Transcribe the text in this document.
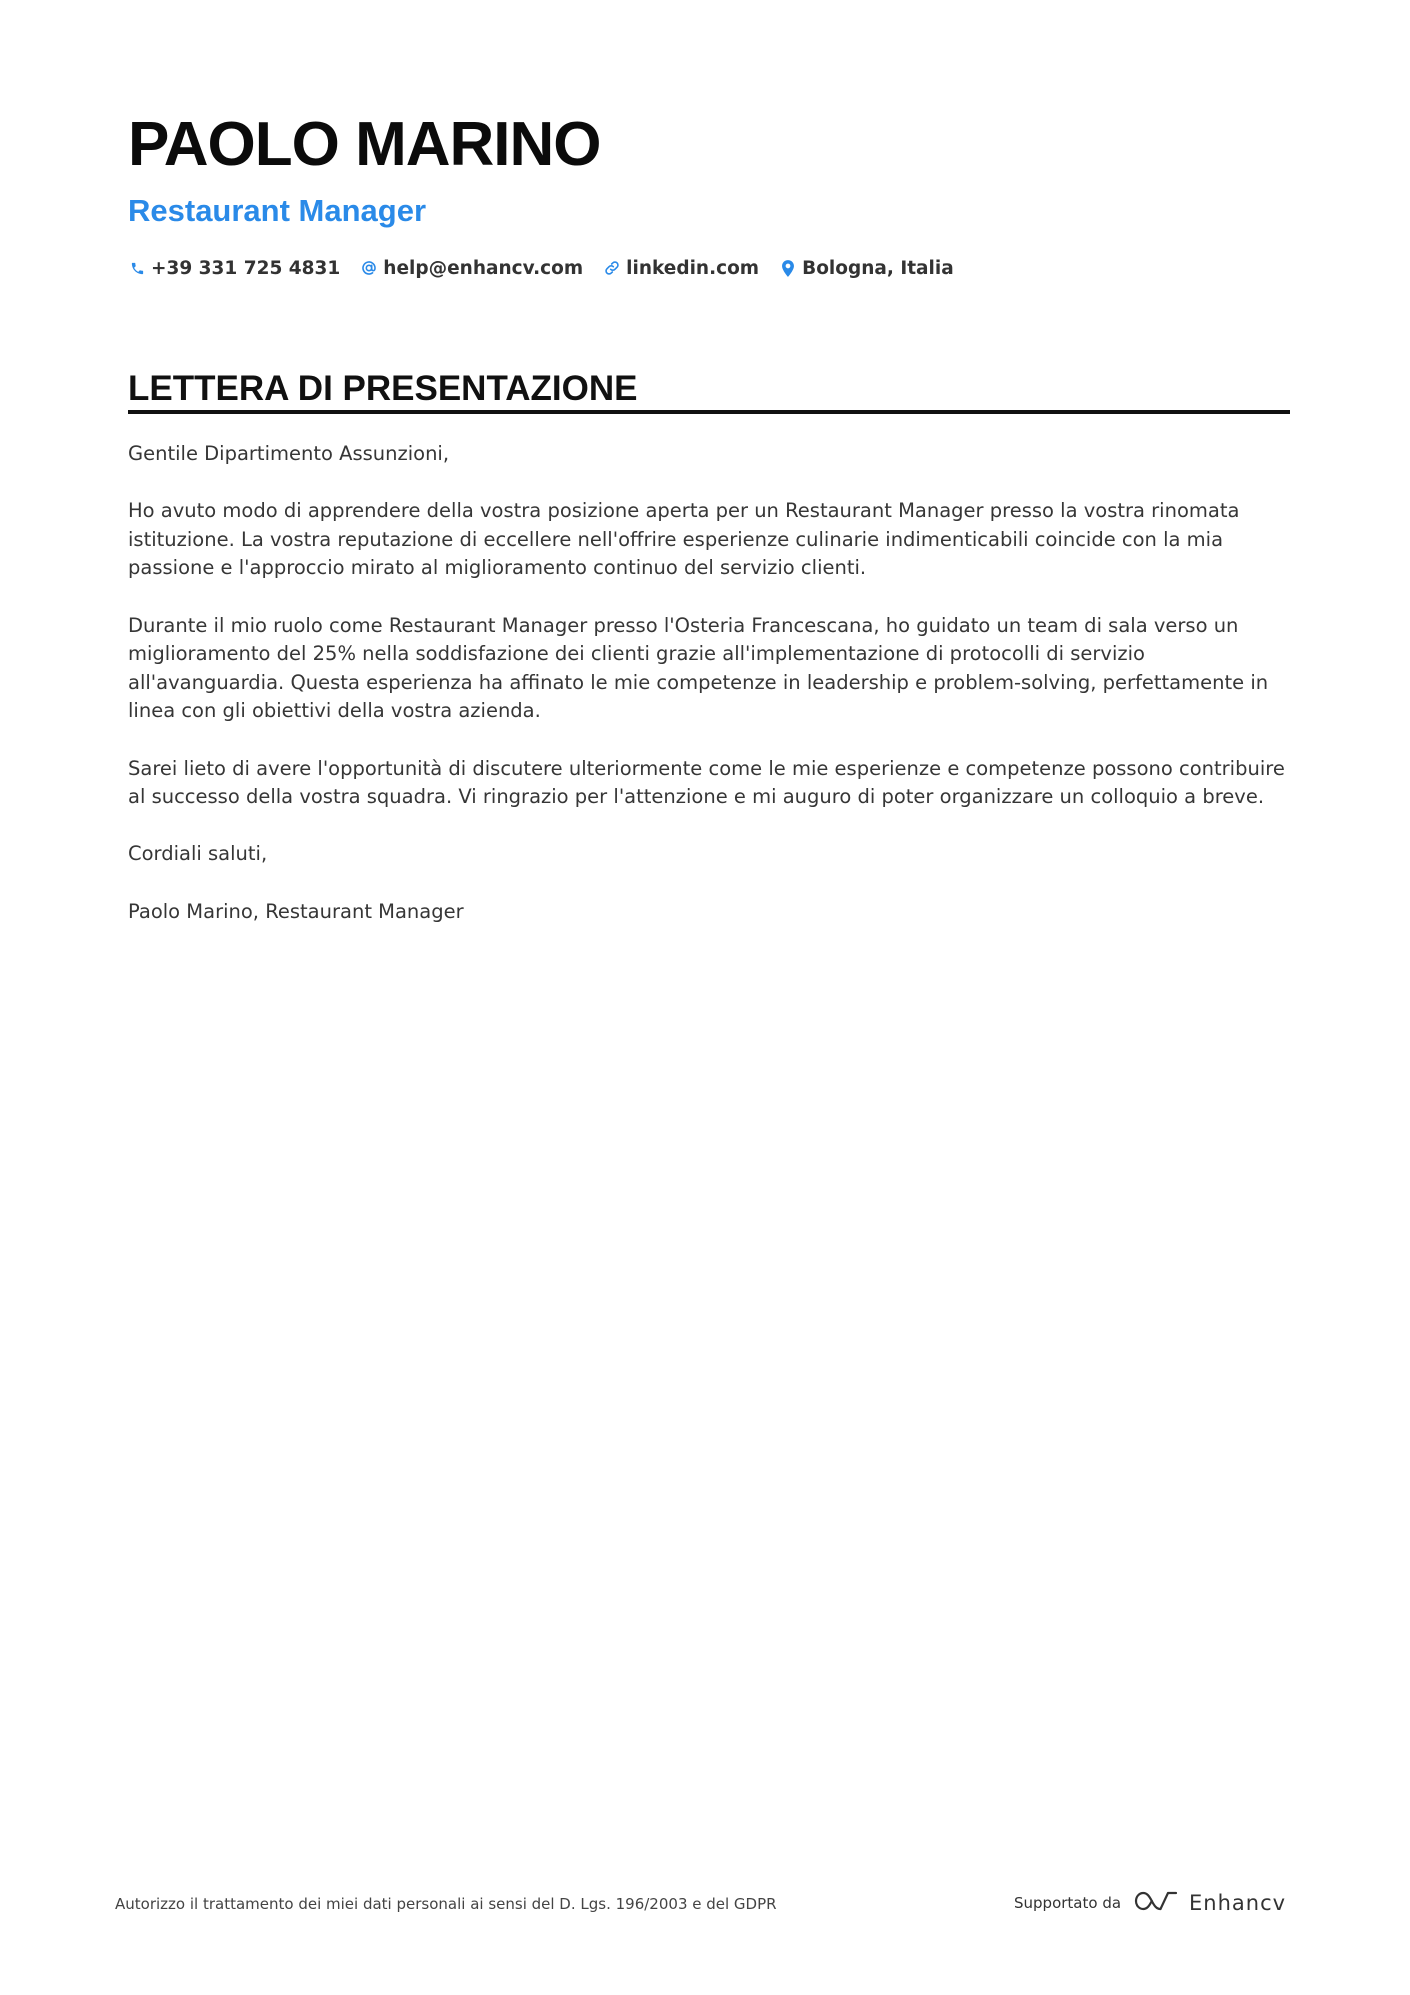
PAOLO MARINO
Restaurant Manager
+39 331 725 4831 help@enhancv.com linkedin.com Bologna, Italia
LETTERA DI PRESENTAZIONE

Gentile Dipartimento Assunzioni,

Ho avuto modo di apprendere della vostra posizione aperta per un Restaurant Manager presso la vostra rinomata istituzione. La vostra reputazione di eccellere nell'offrire esperienze culinarie indimenticabili coincide con la mia passione e l'approccio mirato al miglioramento continuo del servizio clienti.

Durante il mio ruolo come Restaurant Manager presso l'Osteria Francescana, ho guidato un team di sala verso un miglioramento del 25% nella soddisfazione dei clienti grazie all'implementazione di protocolli di servizio all'avanguardia. Questa esperienza ha affinato le mie competenze in leadership e problem-solving, perfettamente in linea con gli obiettivi della vostra azienda.

Sarei lieto di avere l'opportunità di discutere ulteriormente come le mie esperienze e competenze possono contribuire al successo della vostra squadra. Vi ringrazio per l'attenzione e mi auguro di poter organizzare un colloquio a breve.

Cordiali saluti,

Paolo Marino, Restaurant Manager

Autorizzo il trattamento dei miei dati personali ai sensi del D. Lgs. 196/2003 e del GDPR	Supportato da	Enhancv
